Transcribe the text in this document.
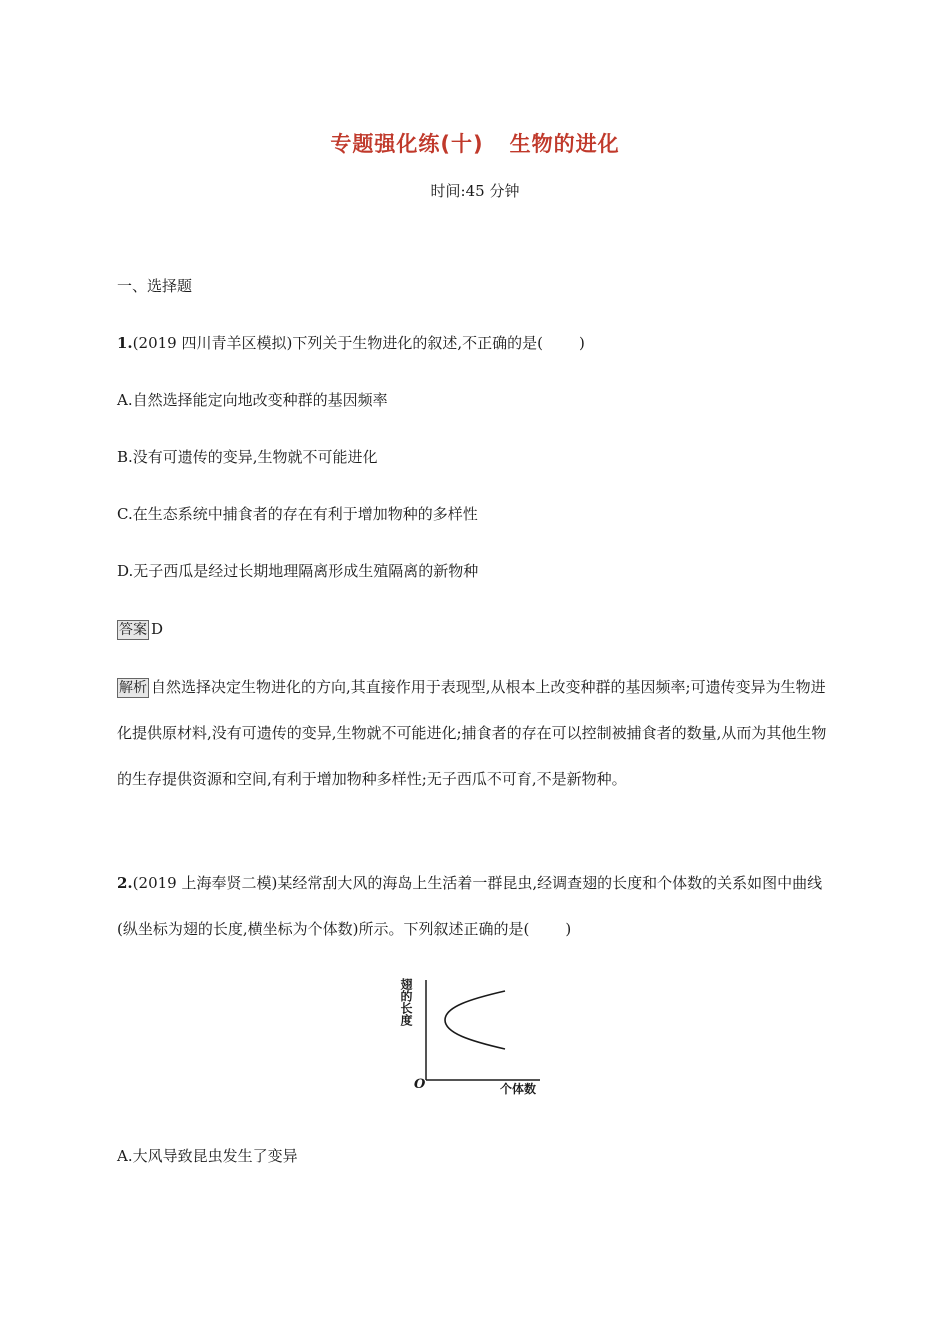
专题强化练(十) 生物的进化
时间:45 分钟
一、选择题
1.(2019 四川青羊区模拟)下列关于生物进化的叙述,不正确的是( )
A.自然选择能定向地改变种群的基因频率
B.没有可遗传的变异,生物就不可能进化
C.在生态系统中捕食者的存在有利于增加物种的多样性
D.无子西瓜是经过长期地理隔离形成生殖隔离的新物种
答案 D
解析 自然选择决定生物进化的方向,其直接作用于表现型,从根本上改变种群的基因频率;可遗传变异为生物进化提供原材料,没有可遗传的变异,生物就不可能进化;捕食者的存在可以控制被捕食者的数量,从而为其他生物的生存提供资源和空间,有利于增加物种多样性;无子西瓜不可育,不是新物种。
2.(2019 上海奉贤二模)某经常刮大风的海岛上生活着一群昆虫,经调查翅的长度和个体数的关系如图中曲线(纵坐标为翅的长度,横坐标为个体数)所示。下列叙述正确的是( )
翅的长度
个体数
O
A.大风导致昆虫发生了变异
